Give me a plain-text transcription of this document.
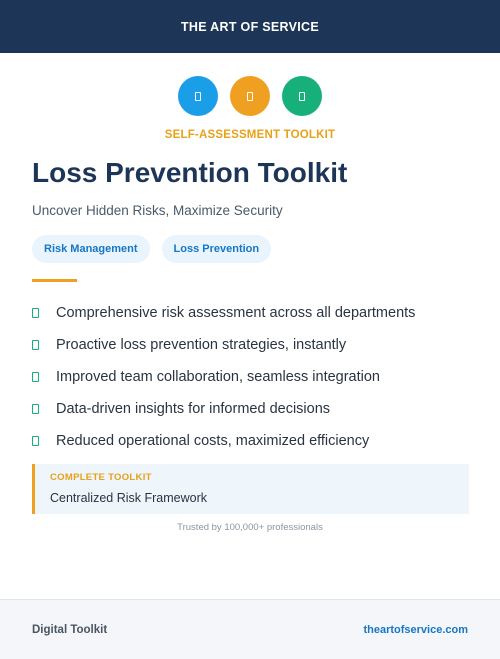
THE ART OF SERVICE
SELF-ASSESSMENT TOOLKIT
Loss Prevention Toolkit

Uncover Hidden Risks, Maximize Security

Risk Management	Loss Prevention
Comprehensive risk assessment across all departments
Proactive loss prevention strategies, instantly
Improved team collaboration, seamless integration
Data-driven insights for informed decisions
Reduced operational costs, maximized efficiency
COMPLETE TOOLKIT
Centralized Risk Framework
Trusted by 100,000+ professionals
Digital Toolkit	theartofservice.com
